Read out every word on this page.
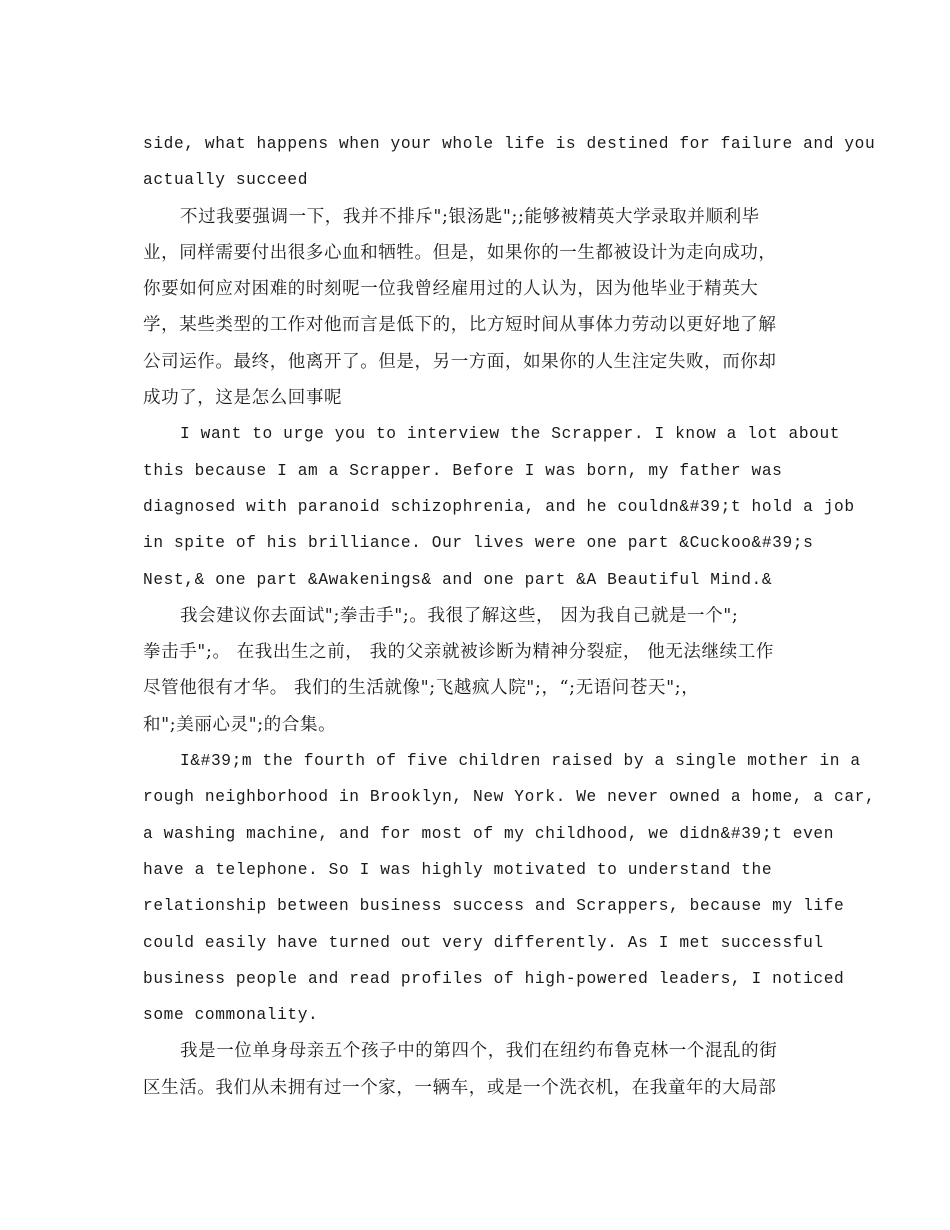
side, what happens when your whole life is destined for failure and you
actually succeed
不过我要强调一下，我并不排斥";银汤匙";;能够被精英大学录取并顺利毕
业，同样需要付出很多心血和牺牲。但是，如果你的一生都被设计为走向成功，
你要如何应对困难的时刻呢一位我曾经雇用过的人认为，因为他毕业于精英大
学，某些类型的工作对他而言是低下的，比方短时间从事体力劳动以更好地了解
公司运作。最终，他离开了。但是，另一方面，如果你的人生注定失败，而你却
成功了，这是怎么回事呢
I want to urge you to interview the Scrapper. I know a lot about
this because I am a Scrapper. Before I was born, my father was
diagnosed with paranoid schizophrenia, and he couldn&#39;t hold a job
in spite of his brilliance. Our lives were one part &Cuckoo&#39;s
Nest,& one part &Awakenings& and one part &A Beautiful Mind.&
我会建议你去面试";拳击手";。我很了解这些， 因为我自己就是一个";
拳击手";。 在我出生之前， 我的父亲就被诊断为精神分裂症， 他无法继续工作
尽管他很有才华。 我们的生活就像";飞越疯人院";，“;无语问苍天";，
和";美丽心灵";的合集。
I&#39;m the fourth of five children raised by a single mother in a
rough neighborhood in Brooklyn, New York. We never owned a home, a car,
a washing machine, and for most of my childhood, we didn&#39;t even
have a telephone. So I was highly motivated to understand the
relationship between business success and Scrappers, because my life
could easily have turned out very differently. As I met successful
business people and read profiles of high-powered leaders, I noticed
some commonality.
我是一位单身母亲五个孩子中的第四个，我们在纽约布鲁克林一个混乱的街
区生活。我们从未拥有过一个家，一辆车，或是一个洗衣机，在我童年的大局部
